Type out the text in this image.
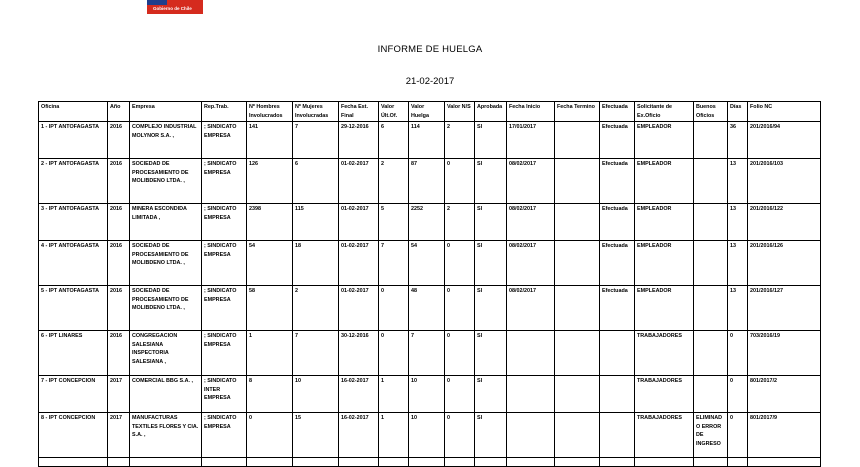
Gobierno de Chile
INFORME DE HUELGA
21-02-2017
Oficina	Año	Empresa	Rep.Trab.	Nº Hombres Involucrados	Nº Mujeres Involucradas	Fecha Est. Final	Valor Últ.Of.	Valor Huelga	Valor N/S	Aprobada	Fecha Inicio	Fecha Termino	Efectuada	Solicitante de Ex.Oficio	Buenos Oficios	Días	Folio NC
1 - IPT ANTOFAGASTA	2016	COMPLEJO INDUSTRIAL MOLYNOR S.A. ,	; SINDICATO EMPRESA	141	7	29-12-2016	6	114	2	SI	17/01/2017		Efectuada	EMPLEADOR		36	201/2016/94
2 - IPT ANTOFAGASTA	2016	SOCIEDAD DE PROCESAMIENTO DE MOLIBDENO LTDA. ,	; SINDICATO EMPRESA	126	6	01-02-2017	2	87	0	SI	08/02/2017		Efectuada	EMPLEADOR		13	201/2016/103
3 - IPT ANTOFAGASTA	2016	MINERA ESCONDIDA LIMITADA ,	; SINDICATO EMPRESA	2398	115	01-02-2017	5	2252	2	SI	08/02/2017		Efectuada	EMPLEADOR		13	201/2016/122
4 - IPT ANTOFAGASTA	2016	SOCIEDAD DE PROCESAMIENTO DE MOLIBDENO LTDA. ,	; SINDICATO EMPRESA	54	18	01-02-2017	7	54	0	SI	08/02/2017		Efectuada	EMPLEADOR		13	201/2016/126
5 - IPT ANTOFAGASTA	2016	SOCIEDAD DE PROCESAMIENTO DE MOLIBDENO LTDA. ,	; SINDICATO EMPRESA	58	2	01-02-2017	0	48	0	SI	08/02/2017		Efectuada	EMPLEADOR		13	201/2016/127
6 - IPT LINARES	2016	CONGREGACION SALESIANA INSPECTORIA SALESIANA ,	; SINDICATO EMPRESA	1	7	30-12-2016	0	7	0	SI				TRABAJADORES		0	703/2016/19
7 - IPT CONCEPCION	2017	COMERCIAL BBG S.A. ,	; SINDICATO INTER EMPRESA	8	10	16-02-2017	1	10	0	SI				TRABAJADORES		0	801/2017/2
8 - IPT CONCEPCION	2017	MANUFACTURAS TEXTILES FLORES Y CIA. S.A. ,	; SINDICATO EMPRESA	0	15	16-02-2017	1	10	0	SI				TRABAJADORES	ELIMINADO ERROR DE INGRESO	0	801/2017/9
